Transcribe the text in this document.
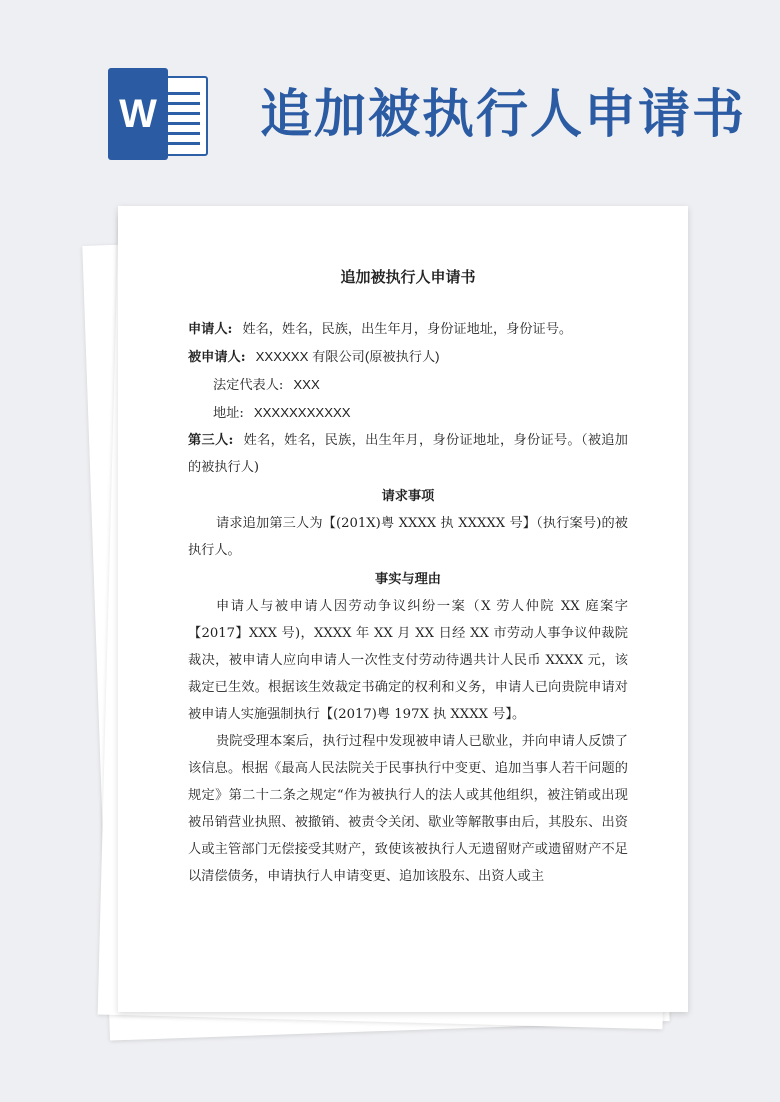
W 追加被执行人申请书
追加被执行人申请书

申请人: 姓名，姓名，民族，出生年月，身份证地址，身份证号。

被申请人: XXXXXX 有限公司(原被执行人)

法定代表人: XXX

地址: XXXXXXXXXXX

第三人: 姓名，姓名，民族，出生年月，身份证地址，身份证号。（被追加的被执行人)

请求事项

请求追加第三人为【(201X)粤 XXXX 执 XXXXX 号】（执行案号)的被执行人。

事实与理由

申请人与被申请人因劳动争议纠纷一案（X 劳人仲院 XX 庭案字【2017】XXX 号)，XXXX 年 XX 月 XX 日经 XX 市劳动人事争议仲裁院裁决，被申请人应向申请人一次性支付劳动待遇共计人民币 XXXX 元，该裁定已生效。根据该生效裁定书确定的权利和义务，申请人已向贵院申请对被申请人实施强制执行【(2017)粤 197X 执 XXXX 号】。

贵院受理本案后，执行过程中发现被申请人已歇业，并向申请人反馈了该信息。根据《最高人民法院关于民事执行中变更、追加当事人若干问题的规定》第二十二条之规定“作为被执行人的法人或其他组织，被注销或出现被吊销营业执照、被撤销、被责令关闭、歇业等解散事由后，其股东、出资人或主管部门无偿接受其财产，致使该被执行人无遗留财产或遗留财产不足以清偿债务，申请执行人申请变更、追加该股东、出资人或主
